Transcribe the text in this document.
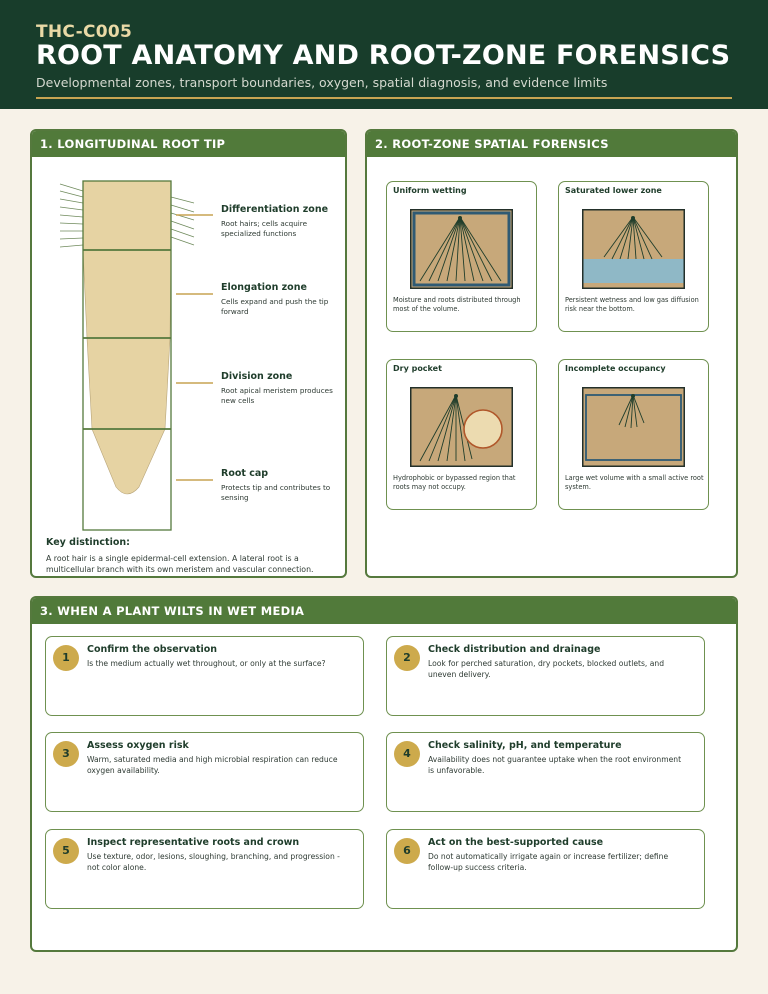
THC-C005
ROOT ANATOMY AND ROOT-ZONE FORENSICS
Developmental zones, transport boundaries, oxygen, spatial diagnosis, and evidence limits
1. LONGITUDINAL ROOT TIP
Differentiation zone
Root hairs; cells acquire specialized functions
Elongation zone
Cells expand and push the tip forward
Division zone
Root apical meristem produces new cells
Root cap
Protects tip and contributes to sensing
Key distinction:
A root hair is a single epidermal-cell extension. A lateral root is a multicellular branch with its own meristem and vascular connection.
2. ROOT-ZONE SPATIAL FORENSICS
Uniform wetting
Moisture and roots distributed through most of the volume.
Saturated lower zone
Persistent wetness and low gas diffusion risk near the bottom.
Dry pocket
Hydrophobic or bypassed region that roots may not occupy.
Incomplete occupancy
Large wet volume with a small active root system.
3. WHEN A PLANT WILTS IN WET MEDIA
1
Confirm the observation
Is the medium actually wet throughout, or only at the surface?	2
Check distribution and drainage
Look for perched saturation, dry pockets, blocked outlets, and uneven delivery.
3
Assess oxygen risk
Warm, saturated media and high microbial respiration can reduce oxygen availability.
4
Check salinity, pH, and temperature
Availability does not guarantee uptake when the root environment is unfavorable.
5
Inspect representative roots and crown
Use texture, odor, lesions, sloughing, branching, and progression - not color alone.
6
Act on the best-supported cause
Do not automatically irrigate again or increase fertilizer; define follow-up success criteria.
